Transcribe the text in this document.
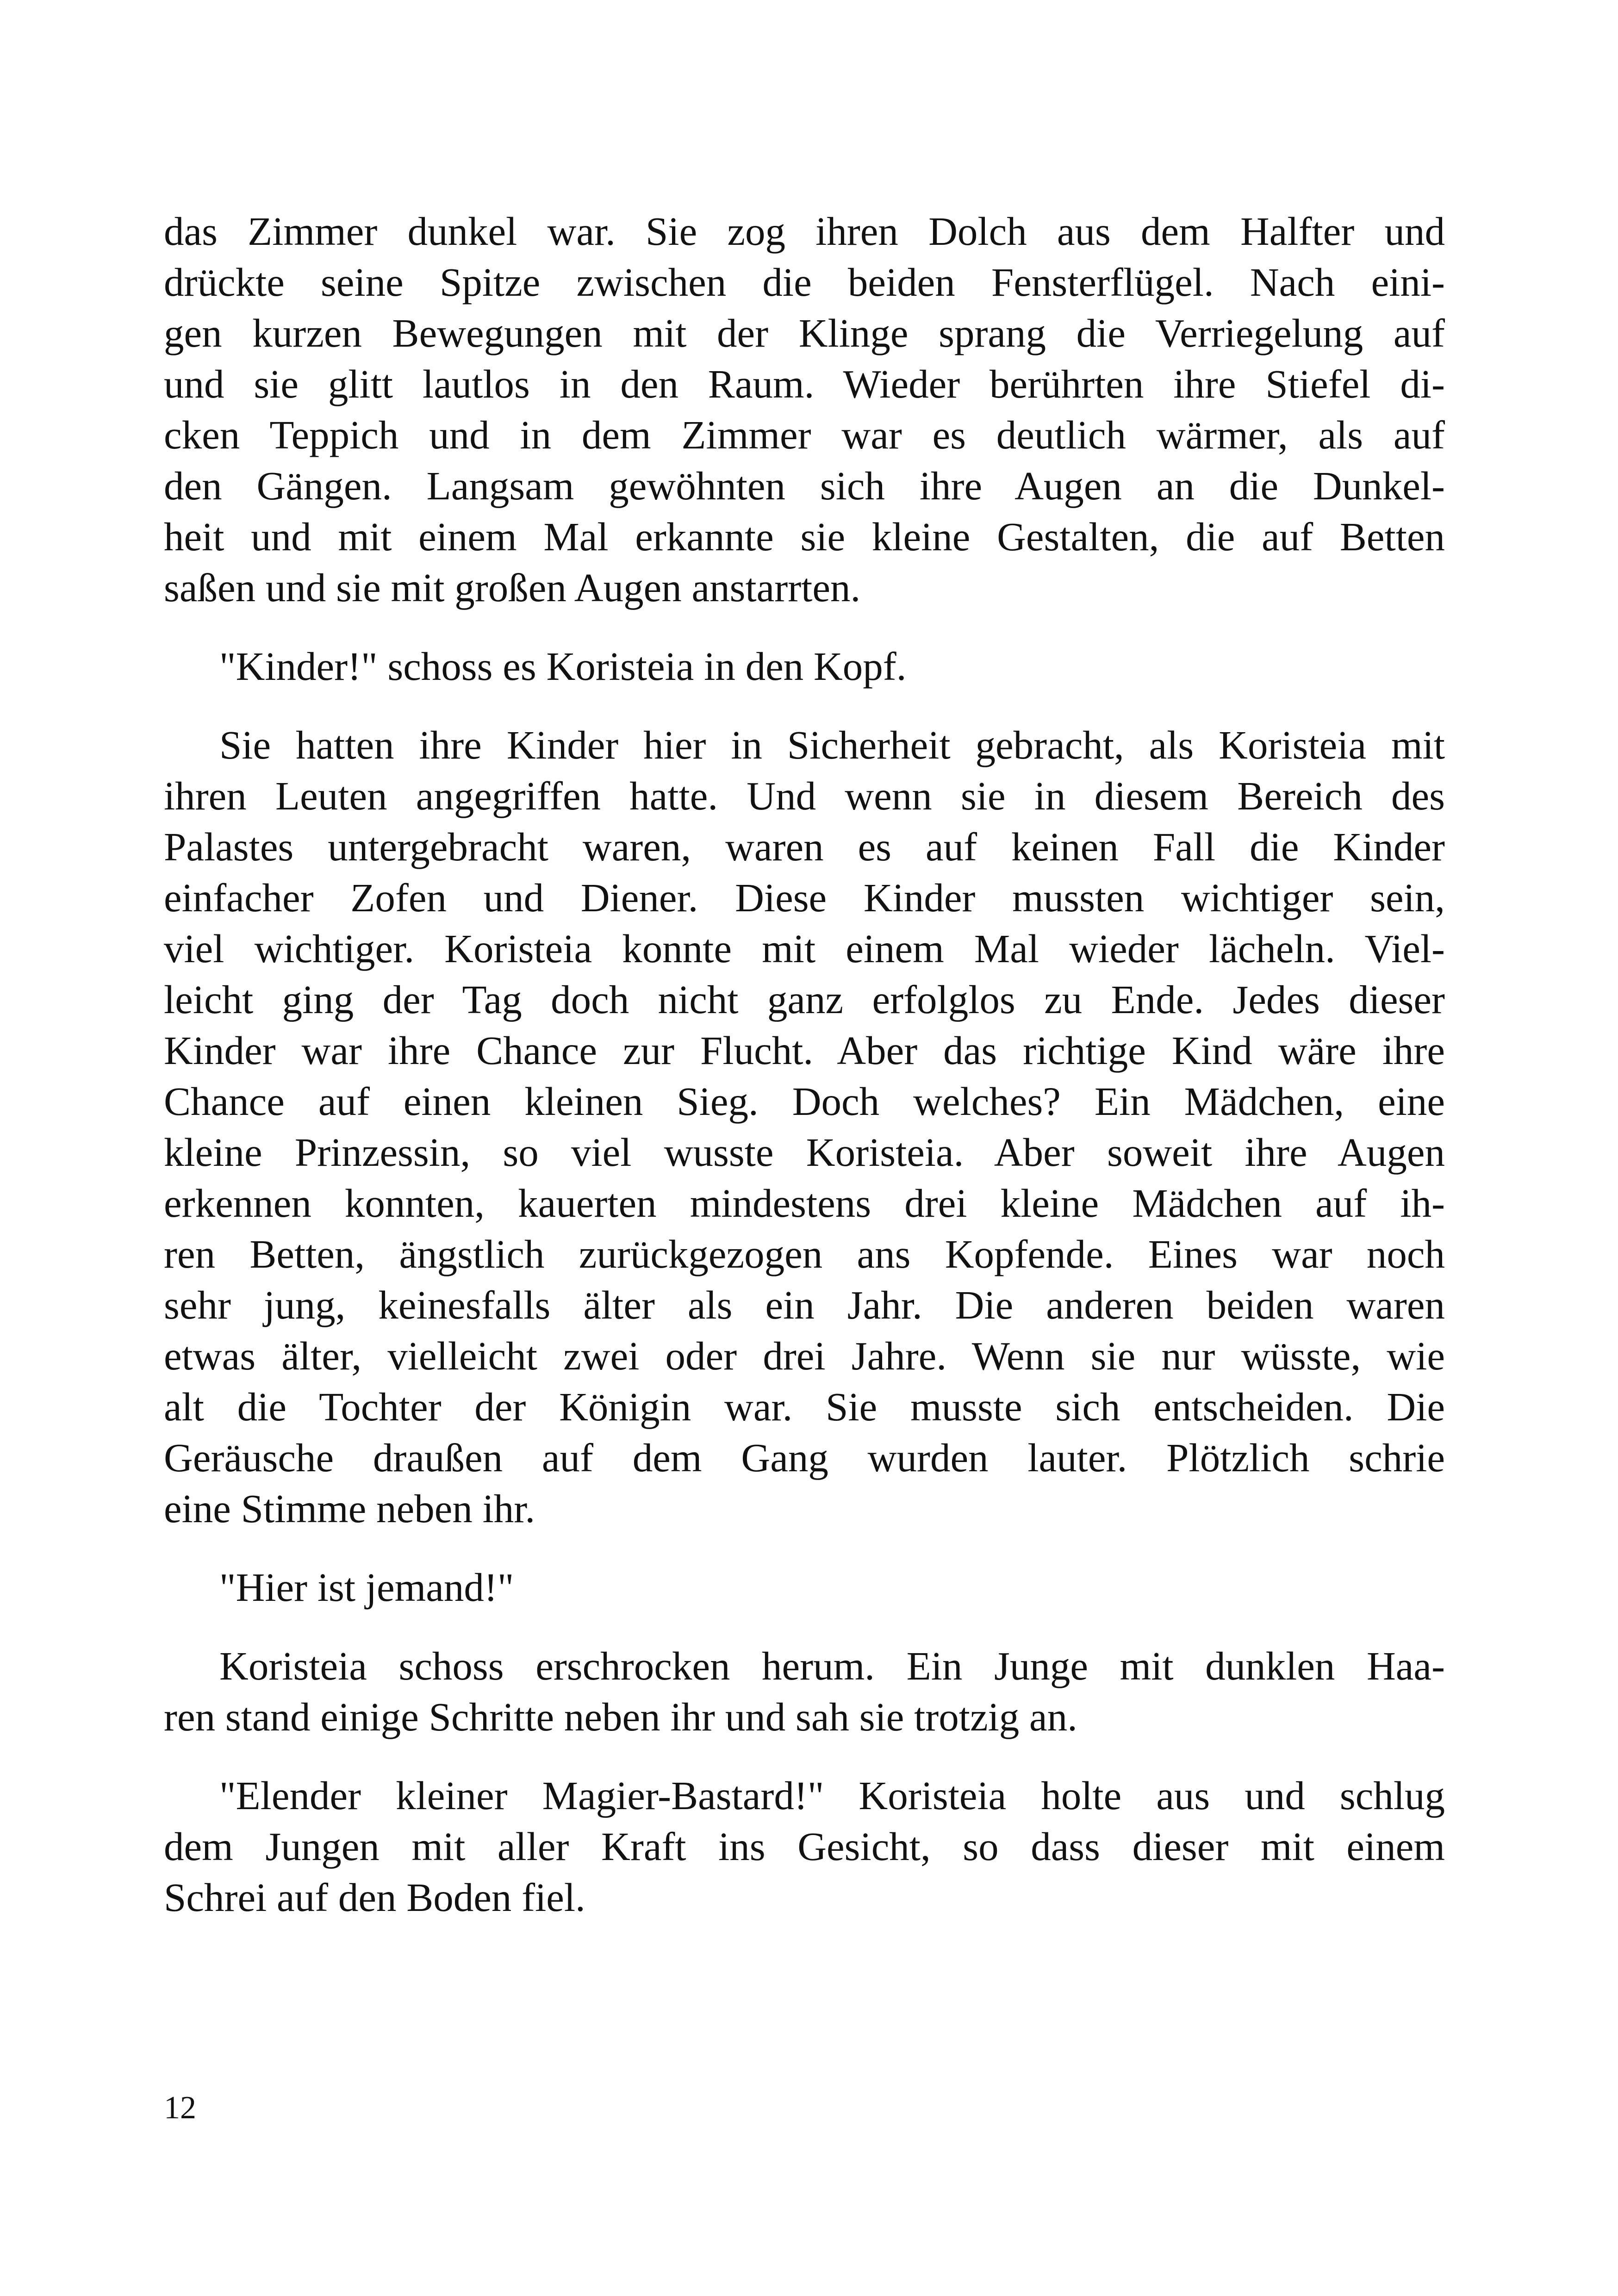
das Zimmer dunkel war. Sie zog ihren Dolch aus dem Halfter und
drückte seine Spitze zwischen die beiden Fensterflügel. Nach eini-
gen kurzen Bewegungen mit der Klinge sprang die Verriegelung auf
und sie glitt lautlos in den Raum. Wieder berührten ihre Stiefel di-
cken Teppich und in dem Zimmer war es deutlich wärmer, als auf
den Gängen. Langsam gewöhnten sich ihre Augen an die Dunkel-
heit und mit einem Mal erkannte sie kleine Gestalten, die auf Betten
saßen und sie mit großen Augen anstarrten.
"Kinder!" schoss es Koristeia in den Kopf.
Sie hatten ihre Kinder hier in Sicherheit gebracht, als Koristeia mit
ihren Leuten angegriffen hatte. Und wenn sie in diesem Bereich des
Palastes untergebracht waren, waren es auf keinen Fall die Kinder
einfacher Zofen und Diener. Diese Kinder mussten wichtiger sein,
viel wichtiger. Koristeia konnte mit einem Mal wieder lächeln. Viel-
leicht ging der Tag doch nicht ganz erfolglos zu Ende. Jedes dieser
Kinder war ihre Chance zur Flucht. Aber das richtige Kind wäre ihre
Chance auf einen kleinen Sieg. Doch welches? Ein Mädchen, eine
kleine Prinzessin, so viel wusste Koristeia. Aber soweit ihre Augen
erkennen konnten, kauerten mindestens drei kleine Mädchen auf ih-
ren Betten, ängstlich zurückgezogen ans Kopfende. Eines war noch
sehr jung, keinesfalls älter als ein Jahr. Die anderen beiden waren
etwas älter, vielleicht zwei oder drei Jahre. Wenn sie nur wüsste, wie
alt die Tochter der Königin war. Sie musste sich entscheiden. Die
Geräusche draußen auf dem Gang wurden lauter. Plötzlich schrie
eine Stimme neben ihr.
"Hier ist jemand!"
Koristeia schoss erschrocken herum. Ein Junge mit dunklen Haa-
ren stand einige Schritte neben ihr und sah sie trotzig an.
"Elender kleiner Magier-Bastard!" Koristeia holte aus und schlug
dem Jungen mit aller Kraft ins Gesicht, so dass dieser mit einem
Schrei auf den Boden fiel.
12
